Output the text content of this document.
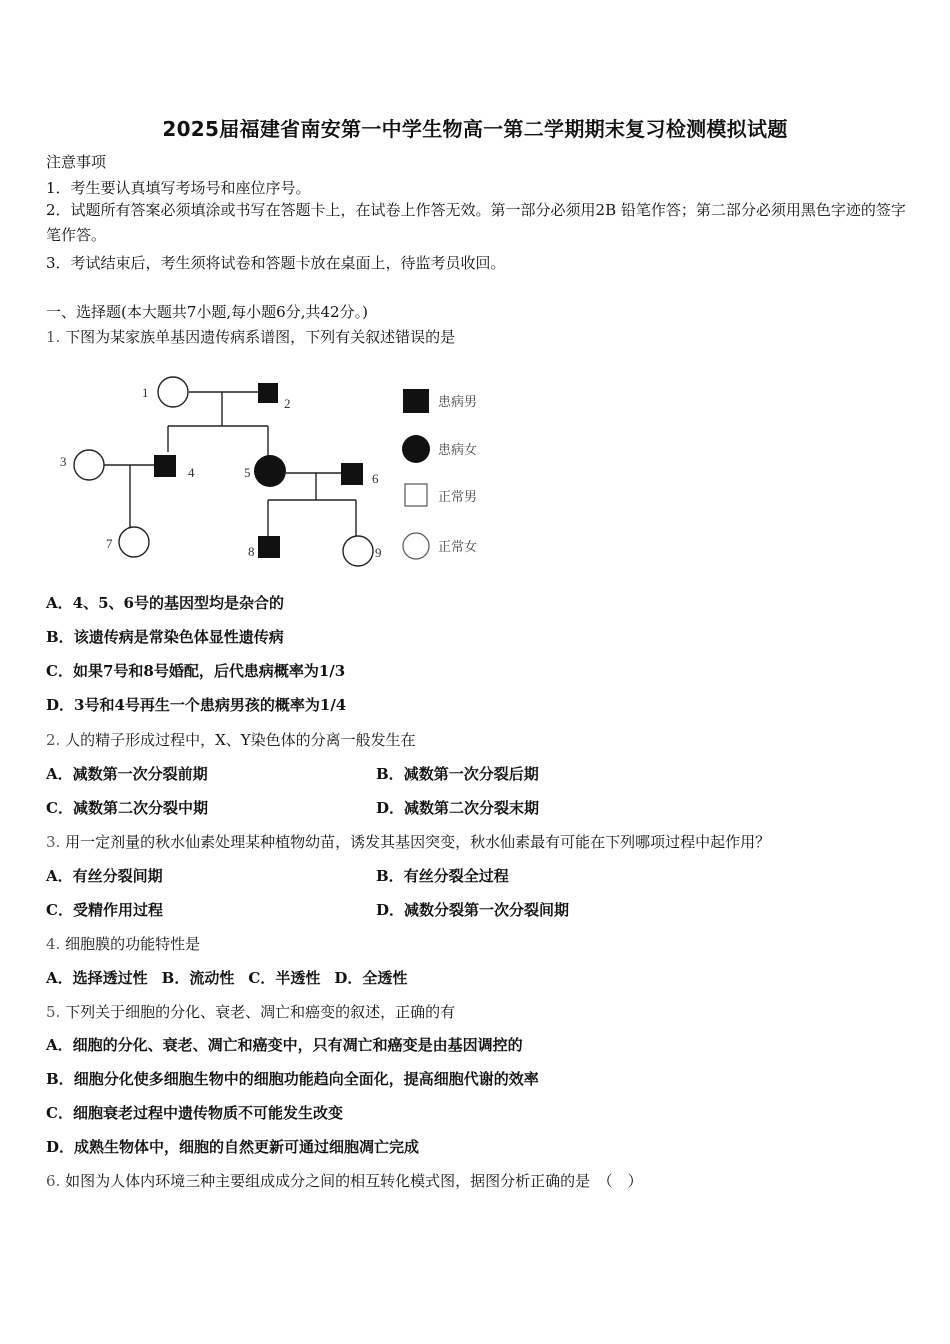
2025届福建省南安第一中学生物高一第二学期期末复习检测模拟试题
注意事项
1．考生要认真填写考场号和座位序号。
2．试题所有答案必须填涂或书写在答题卡上，在试卷上作答无效。第一部分必须用2B 铅笔作答；第二部分必须用黑色字迹的签字笔作答。
3．考试结束后，考生须将试卷和答题卡放在桌面上，待监考员收回。
一、选择题(本大题共7小题,每小题6分,共42分。)
1. 下图为某家族单基因遗传病系谱图，下列有关叙述错误的是
1
2
3
4	5	6
7
8	9
患病男
患病女
正常男
正常女
A．4、5、6号的基因型均是杂合的
B．该遗传病是常染色体显性遗传病
C．如果7号和8号婚配，后代患病概率为1/3
D．3号和4号再生一个患病男孩的概率为1/4
2. 人的精子形成过程中，X、Y染色体的分离一般发生在
A．减数第一次分裂前期	B．减数第一次分裂后期
C．减数第二次分裂中期	D．减数第二次分裂末期
3. 用一定剂量的秋水仙素处理某种植物幼苗，诱发其基因突变，秋水仙素最有可能在下列哪项过程中起作用？
A．有丝分裂间期	B．有丝分裂全过程
C．受精作用过程	D．减数分裂第一次分裂间期
4. 细胞膜的功能特性是
A．选择透过性 B．流动性 C．半透性 D．全透性
5. 下列关于细胞的分化、衰老、凋亡和癌变的叙述，正确的有
A．细胞的分化、衰老、凋亡和癌变中，只有凋亡和癌变是由基因调控的
B．细胞分化使多细胞生物中的细胞功能趋向全面化，提高细胞代谢的效率
C．细胞衰老过程中遗传物质不可能发生改变
D．成熟生物体中，细胞的自然更新可通过细胞凋亡完成
6. 如图为人体内环境三种主要组成成分之间的相互转化模式图，据图分析正确的是　（　）
